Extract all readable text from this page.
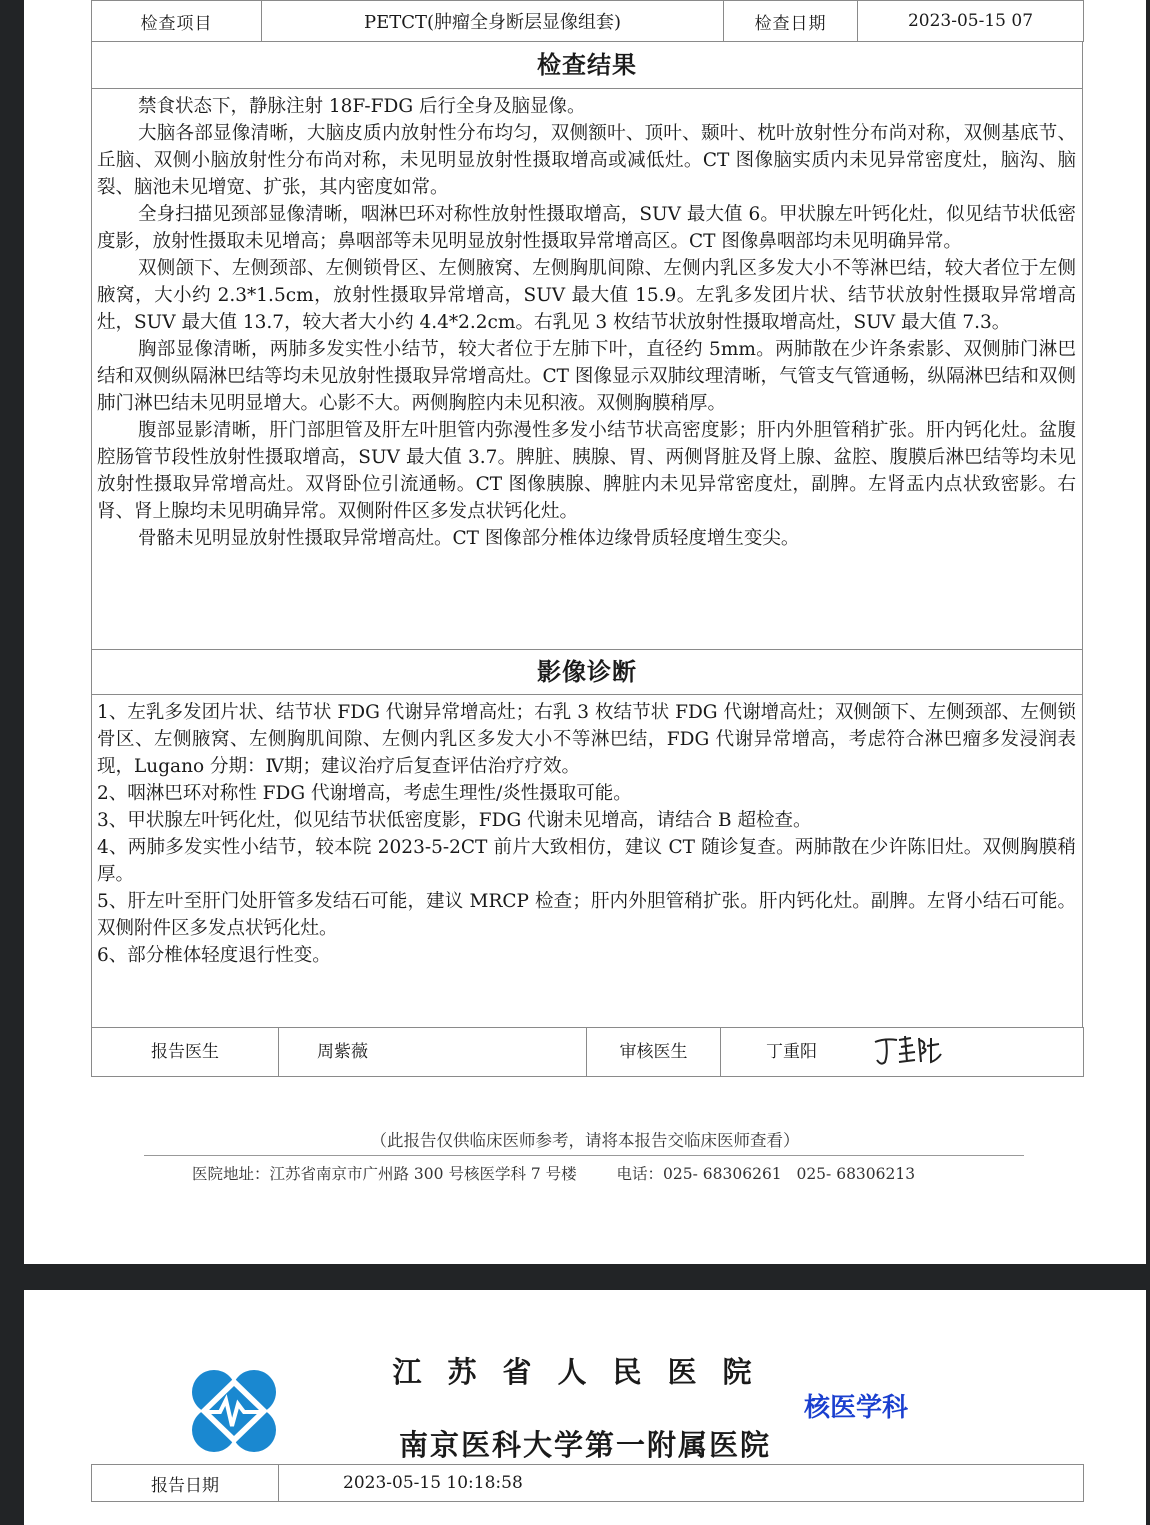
检查项目	PETCT(肿瘤全身断层显像组套)	检查日期	2023-05-15 07
检查结果

禁食状态下，静脉注射 18F-FDG 后行全身及脑显像。

大脑各部显像清晰，大脑皮质内放射性分布均匀，双侧额叶、顶叶、颞叶、枕叶放射性分布尚对称，双侧基底节、丘脑、双侧小脑放射性分布尚对称，未见明显放射性摄取增高或减低灶。CT 图像脑实质内未见异常密度灶，脑沟、脑裂、脑池未见增宽、扩张，其内密度如常。

全身扫描见颈部显像清晰，咽淋巴环对称性放射性摄取增高，SUV 最大值 6。甲状腺左叶钙化灶，似见结节状低密度影，放射性摄取未见增高；鼻咽部等未见明显放射性摄取异常增高区。CT 图像鼻咽部均未见明确异常。

双侧颌下、左侧颈部、左侧锁骨区、左侧腋窝、左侧胸肌间隙、左侧内乳区多发大小不等淋巴结，较大者位于左侧腋窝，大小约 2.3*1.5cm，放射性摄取异常增高，SUV 最大值 15.9。左乳多发团片状、结节状放射性摄取异常增高灶，SUV 最大值 13.7，较大者大小约 4.4*2.2cm。右乳见 3 枚结节状放射性摄取增高灶，SUV 最大值 7.3。

胸部显像清晰，两肺多发实性小结节，较大者位于左肺下叶，直径约 5mm。两肺散在少许条索影、双侧肺门淋巴结和双侧纵隔淋巴结等均未见放射性摄取异常增高灶。CT 图像显示双肺纹理清晰，气管支气管通畅，纵隔淋巴结和双侧肺门淋巴结未见明显增大。心影不大。两侧胸腔内未见积液。双侧胸膜稍厚。

腹部显影清晰，肝门部胆管及肝左叶胆管内弥漫性多发小结节状高密度影；肝内外胆管稍扩张。肝内钙化灶。盆腹腔肠管节段性放射性摄取增高，SUV 最大值 3.7。脾脏、胰腺、胃、两侧肾脏及肾上腺、盆腔、腹膜后淋巴结等均未见放射性摄取异常增高灶。双肾卧位引流通畅。CT 图像胰腺、脾脏内未见异常密度灶，副脾。左肾盂内点状致密影。右肾、肾上腺均未见明确异常。双侧附件区多发点状钙化灶。

骨骼未见明显放射性摄取异常增高灶。CT 图像部分椎体边缘骨质轻度增生变尖。

影像诊断

1、左乳多发团片状、结节状 FDG 代谢异常增高灶；右乳 3 枚结节状 FDG 代谢增高灶；双侧颌下、左侧颈部、左侧锁骨区、左侧腋窝、左侧胸肌间隙、左侧内乳区多发大小不等淋巴结，FDG 代谢异常增高，考虑符合淋巴瘤多发浸润表现，Lugano 分期：Ⅳ期；建议治疗后复查评估治疗疗效。

2、咽淋巴环对称性 FDG 代谢增高，考虑生理性/炎性摄取可能。

3、甲状腺左叶钙化灶，似见结节状低密度影，FDG 代谢未见增高，请结合 B 超检查。

4、两肺多发实性小结节，较本院 2023-5-2CT 前片大致相仿，建议 CT 随诊复查。两肺散在少许陈旧灶。双侧胸膜稍厚。

5、肝左叶至肝门处肝管多发结石可能，建议 MRCP 检查；肝内外胆管稍扩张。肝内钙化灶。副脾。左肾小结石可能。双侧附件区多发点状钙化灶。

6、部分椎体轻度退行性变。

报告医生	周紫薇	审核医生	丁重阳
（此报告仅供临床医师参考，请将本报告交临床医师查看）
医院地址：江苏省南京市广州路 300 号核医学科 7 号楼	电话：025- 68306261   025- 68306213
江苏省人民医院
核医学科
南京医科大学第一附属医院
报告日期	2023-05-15 10:18:58
